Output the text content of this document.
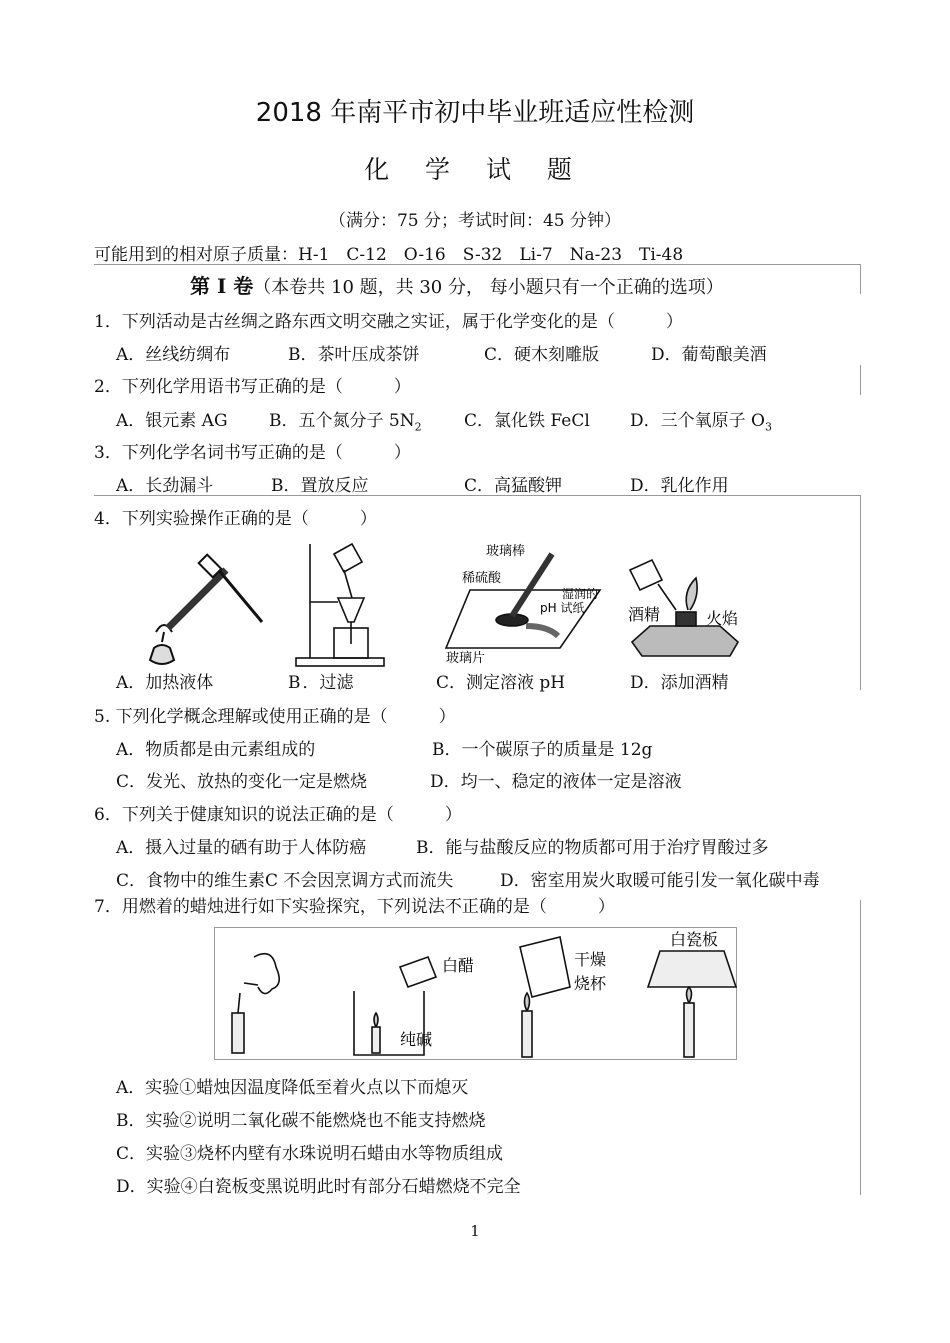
2018 年南平市初中毕业班适应性检测
化 学 试 题
（满分：75 分；考试时间：45 分钟）
可能用到的相对原子质量：H-1　C-12　O-16　S-32　Li-7　Na-23　Ti-48
第 I 卷（本卷共 10 题，共 30 分， 每小题只有一个正确的选项）
1．下列活动是古丝绸之路东西文明交融之实证，属于化学变化的是（　　　）
A．丝线纺绸布	B．茶叶压成茶饼	C．硬木刻雕版	D．葡萄酿美酒
2．下列化学用语书写正确的是（　　　）
A．银元素 AG B．五个氮分子 $5N_2$ C．氯化铁 FeCl D．三个氧原子 $O_3$
3．下列化学名词书写正确的是（　　　）
A．长劲漏斗	B．置放反应	C．高猛酸钾	D．乳化作用
4．下列实验操作正确的是（　　　）
玻璃棒
稀硫酸
湿润的
pH 试纸
玻璃片
酒精	火焰
A．加热液体	B．过滤	C．测定溶液 pH	D．添加酒精
5. 下列化学概念理解或使用正确的是（　　　）
A．物质都是由元素组成的	B．一个碳原子的质量是 12g
C．发光、放热的变化一定是燃烧	D．均一、稳定的液体一定是溶液
6．下列关于健康知识的说法正确的是（　　　）
A．摄入过量的硒有助于人体防癌	B．能与盐酸反应的物质都可用于治疗胃酸过多
C．食物中的维生素C 不会因烹调方式而流失	D．密室用炭火取暖可能引发一氧化碳中毒
7．用燃着的蜡烛进行如下实验探究，下列说法不正确的是（　　　）
白醋
纯碱
干燥
烧杯
白瓷板
A．实验①蜡烛因温度降低至着火点以下而熄灭
B．实验②说明二氧化碳不能燃烧也不能支持燃烧
C．实验③烧杯内壁有水珠说明石蜡由水等物质组成
D．实验④白瓷板变黑说明此时有部分石蜡燃烧不完全
1
